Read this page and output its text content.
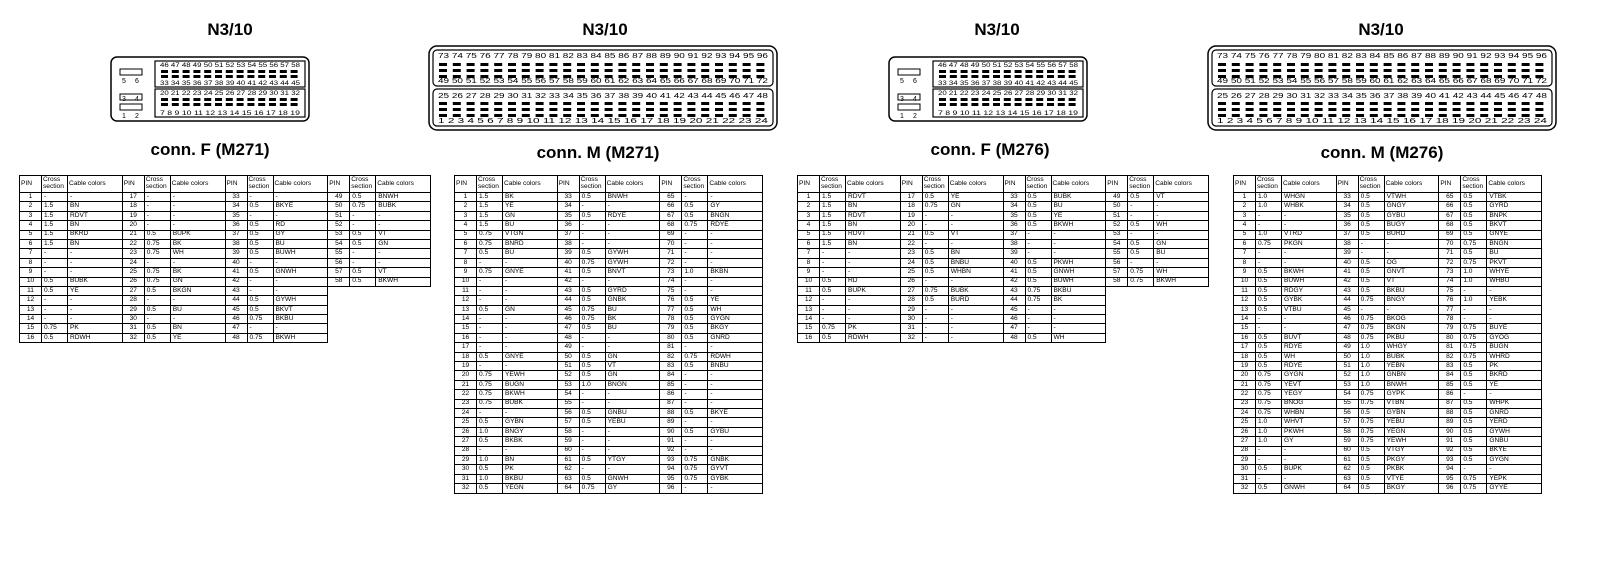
N3/10	N3/10	N3/10	N3/10
5 6
3 4
1 2
46 47 48 49 50 51 52 53 54 55 56 57 58
33 34 35 36 37 38 39 40 41 42 43 44 45
20 21 22 23 24 25 26 27 28 29 30 31 32
7 8 9 10 11 12 13 14 15 16 17 18 19
73 74 75 76 77 78 79 80 81 82 83 84 85 86 87 88 89 90 91 92 93 94 95 96
49 50 51 52 53 54 55 56 57 58 59 60 61 62 63 64 65 66 67 68 69 70 71 72
25 26 27 28 29 30 31 32 33 34 35 36 37 38 39 40 41 42 43 44 45 46 47 48
1 2 3 4 5 6 7 8 9 10 11 12 13 14 15 16 17 18 19 20 21 22 23 24
5 6
3 4
1 2
46 47 48 49 50 51 52 53 54 55 56 57 58
33 34 35 36 37 38 39 40 41 42 43 44 45
20 21 22 23 24 25 26 27 28 29 30 31 32
7 8 9 10 11 12 13 14 15 16 17 18 19
73 74 75 76 77 78 79 80 81 82 83 84 85 86 87 88 89 90 91 92 93 94 95 96
49 50 51 52 53 54 55 56 57 58 59 60 61 62 63 64 65 66 67 68 69 70 71 72
25 26 27 28 29 30 31 32 33 34 35 36 37 38 39 40 41 42 43 44 45 46 47 48
1 2 3 4 5 6 7 8 9 10 11 12 13 14 15 16 17 18 19 20 21 22 23 24
conn. F (M271)	conn. M (M271)	conn. F (M276)	conn. M (M276)
PIN	Cross section	Cable colors	PIN	Cross section	Cable colors	PIN	Cross section	Cable colors	PIN	Cross section	Cable colors
1	-	-	17	-	-	33	-	-	49	0.5	BNWH
2	1.5	BN	18	-	-	34	0.5	BKYE	50	0.75	BUBK
3	1.5	RDVT	19	-	-	35	-	-	51	-	-
4	1.5	BN	20	-	-	36	0.5	RD	52	-	-
5	1.5	BKRD	21	0.5	BUPK	37	0.5	GY	53	0.5	VT
6	1.5	BN	22	0.75	BK	38	0.5	BU	54	0.5	GN
7	-	-	23	0.75	WH	39	0.5	BUWH	55	-	-
8	-	-	24	-	-	40	-	-	56	-	-
9	-	-	25	0.75	BK	41	0.5	GNWH	57	0.5	VT
10	0.5	BUBK	26	0.75	GN	42	-	-	58	0.5	BKWH
11	0.5	YE	27	0.5	BKGN	43	-	-			
12	-	-	28	-	-	44	0.5	GYWH			
13	-	-	29	0.5	BU	45	0.5	BKVT			
14	-	-	30	-	-	46	0.75	BKBU			
15	0.75	PK	31	0.5	BN	47	-	-			
16	0.5	RDWH	32	0.5	YE	48	0.75	BKWH			
PIN	Cross section	Cable colors	PIN	Cross section	Cable colors	PIN	Cross section	Cable colors
1	1.5	BK	33	0.5	BNWH	65	-	-
2	1.5	YE	34	-	-	66	0.5	GY
3	1.5	GN	35	0.5	RDYE	67	0.5	BNGN
4	1.5	BU	36	-	-	68	0.75	RDYE
5	0.75	VTGN	37	-	-	69	-	-
6	0.75	BNRD	38	-	-	70	-	-
7	0.5	BU	39	0.5	GYWH	71	-	-
8	-	-	40	0.75	GYWH	72	-	-
9	0.75	GNYE	41	0.5	BNVT	73	1.0	BKBN
10	-	-	42	-	-	74	-	-
11	-	-	43	0.5	GYRD	75	-	-
12	-	-	44	0.5	GNBK	76	0.5	YE
13	0.5	GN	45	0.75	BU	77	0.5	WH
14	-	-	46	0.75	BK	78	0.5	GYGN
15	-	-	47	0.5	BU	79	0.5	BKGY
16	-	-	48	-	-	80	0.5	GNRD
17	-	-	49	-	-	81	-	-
18	0.5	GNYE	50	0.5	GN	82	0.75	RDWH
19	-	-	51	0.5	VT	83	0.5	BNBU
20	0.75	YEWH	52	0.5	GN	84	-	-
21	0.75	BUGN	53	1.0	BNGN	85	-	-
22	0.75	BKWH	54	-	-	86	-	-
23	0.75	BUBK	55	-	-	87	-	-
24	-	-	56	0.5	GNBU	88	0.5	BKYE
25	0.5	GYBN	57	0.5	YEBU	89	-	-
26	1.0	BNGY	58	-	-	90	0.5	GYBU
27	0.5	BKBK	59	-	-	91	-	-
28	-	-	60	-	-	92	-	-
29	1.0	BN	61	0.5	YTGY	93	0.75	GNBK
30	0.5	PK	62	-	-	94	0.75	GYVT
31	1.0	BKBU	63	0.5	GNWH	95	0.75	GYBK
32	0.5	YEGN	64	0.75	GY	96	-	-
PIN	Cross section	Cable colors	PIN	Cross section	Cable colors	PIN	Cross section	Cable colors	PIN	Cross section	Cable colors
1	1.5	RDVT	17	0.5	YE	33	0.5	BUBK	49	0.5	VT
2	1.5	BN	18	0.75	GN	34	0.5	BU	50	-	-
3	1.5	RDVT	19	-	-	35	0.5	YE	51	-	-
4	1.5	BN	20	-	-	36	0.5	BKWH	52	0.5	WH
5	1.5	RDVT	21	0.5	VT	37	-	-	53	-	-
6	1.5	BN	22	-	-	38	-	-	54	0.5	GN
7	-	-	23	0.5	BN	39	-	-	55	0.5	BU
8	-	-	24	0.5	BNBU	40	0.5	PKWH	56	-	-
9	-	-	25	0.5	WHBN	41	0.5	GNWH	57	0.75	WH
10	0.5	RD	26	-	-	42	0.5	BUWH	58	0.75	BKWH
11	0.5	BUPK	27	0.75	BUBK	43	0.75	BKBU			
12	-	-	28	0.5	BURD	44	0.75	BK			
13	-	-	29	-	-	45	-	-			
14	-	-	30	-	-	46	-	-			
15	0.75	PK	31	-	-	47	-	-			
16	0.5	RDWH	32	-	-	48	0.5	WH			
PIN	Cross section	Cable colors	PIN	Cross section	Cable colors	PIN	Cross section	Cable colors
1	1.0	WHGN	33	0.5	VTWH	65	0.5	VTBK
2	1.0	WHBK	34	0.5	GNGY	66	0.5	GYRD
3	-	-	35	0.5	GYBU	67	0.5	BNPK
4	-	-	36	0.5	BUGY	68	0.5	BKVT
5	1.0	VTRD	37	0.5	BURD	69	0.5	GNYE
6	0.75	PKGN	38	-	-	70	0.75	BNGN
7	-	-	39	-	-	71	0.5	BU
8	-	-	40	0.5	OG	72	0.75	PKVT
9	0.5	BKWH	41	0.5	GNVT	73	1.0	WHYE
10	0.5	BUWH	42	0.5	VT	74	1.0	WHBU
11	0.5	RDGY	43	0.5	BKBU	75	-	-
12	0.5	GYBK	44	0.75	BNGY	76	1.0	YEBK
13	0.5	VTBU	45	-	-	77	-	-
14	-	-	46	0.75	BKOG	78	-	-
15	-	-	47	0.75	BKGN	79	0.75	BUYE
16	0.5	BUVT	48	0.75	PKBU	80	0.75	GYOG
17	0.5	RDYE	49	1.0	WHGY	81	0.75	BUGN
18	0.5	WH	50	1.0	BUBK	82	0.75	WHRD
19	0.5	RDYE	51	1.0	YEBN	83	0.5	PK
20	0.75	GYGN	52	1.0	GNBN	84	0.5	BKRD
21	0.75	YEVT	53	1.0	BNWH	85	0.5	YE
22	0.75	YEGY	54	0.75	GYPK	86	-	-
23	0.75	BNOG	55	0.75	VTBN	87	0.5	WHPK
24	0.75	WHBN	56	0.5	GYBN	88	0.5	GNRD
25	1.0	WHVT	57	0.75	YEBU	89	0.5	YERD
26	1.0	PKWH	58	0.75	YEGN	90	0.5	GYWH
27	1.0	GY	59	0.75	YEWH	91	0.5	GNBU
28	-	-	60	0.5	VTGY	92	0.5	BKYE
29	-	-	61	0.5	PKGY	93	0.5	GYGN
30	0.5	BUPK	62	0.5	PKBK	94	-	-
31	-	-	63	0.5	VTYE	95	0.75	YEPK
32	0.5	GNWH	64	0.5	BKGY	96	0.75	GYYE
